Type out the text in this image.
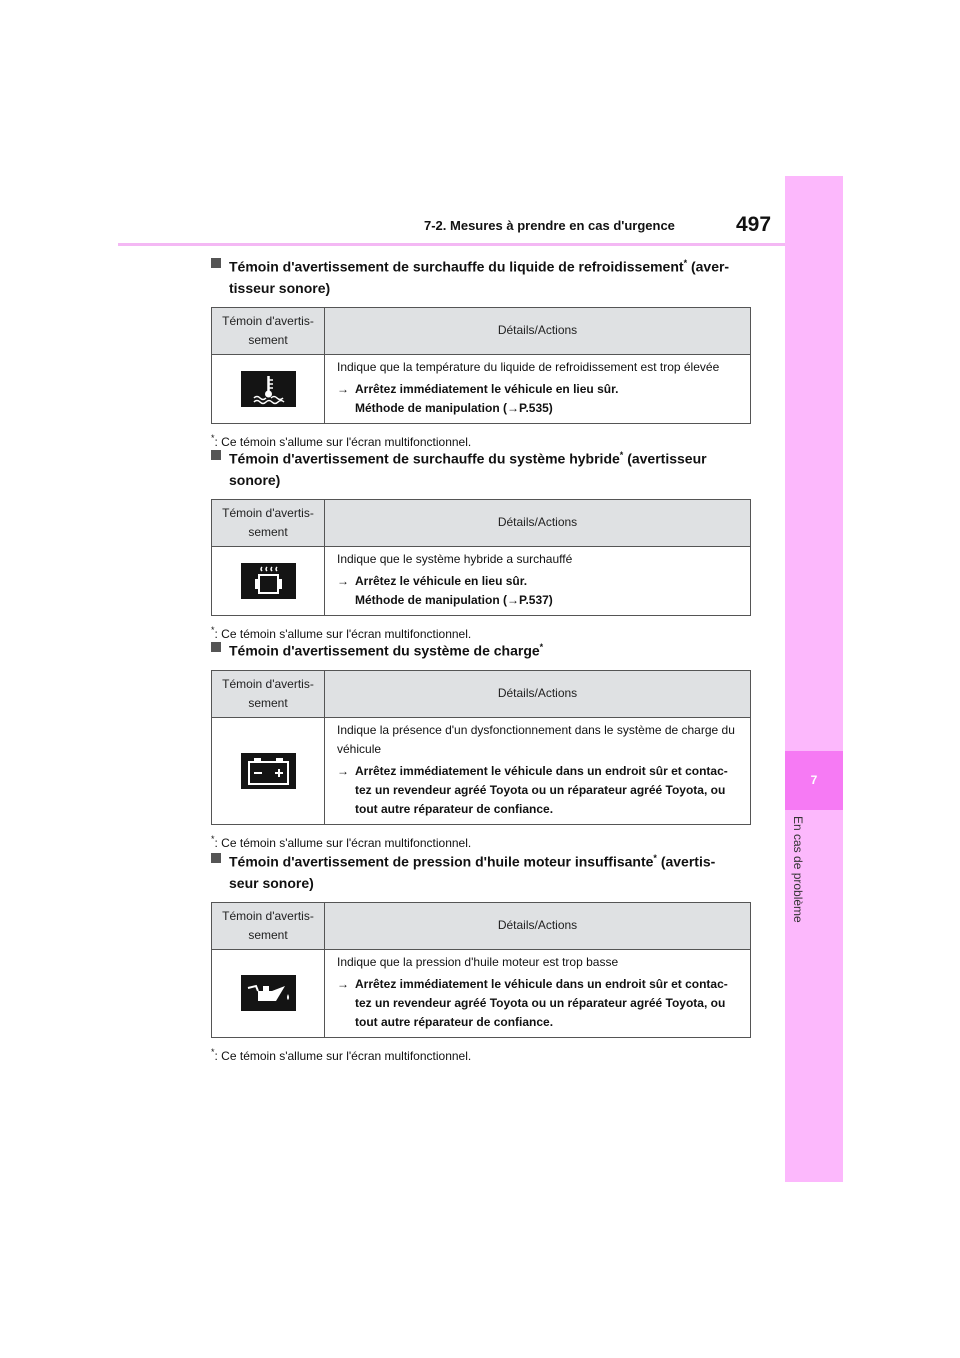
7
En cas de problème
7-2. Mesures à prendre en cas d'urgence	497
Témoin d'avertissement de surchauffe du liquide de refroidissement* (aver-
tisseur sonore)
Témoin d'avertis-
sement	Détails/Actions

Indique que la température du liquide de refroidissement est trop élevée
→ Arrêtez immédiatement le véhicule en lieu sûr.
Méthode de manipulation (→P.535)
*: Ce témoin s'allume sur l'écran multifonctionnel.
Témoin d'avertissement de surchauffe du système hybride* (avertisseur
sonore)
Témoin d'avertis-
sement	Détails/Actions

Indique que le système hybride a surchauffé
→ Arrêtez le véhicule en lieu sûr.
Méthode de manipulation (→P.537)
*: Ce témoin s'allume sur l'écran multifonctionnel.
Témoin d'avertissement du système de charge*
Témoin d'avertis-
sement	Détails/Actions

Indique la présence d'un dysfonctionnement dans le système de charge du véhicule
→ Arrêtez immédiatement le véhicule dans un endroit sûr et contac-tez un revendeur agréé Toyota ou un réparateur agréé Toyota, ou tout autre réparateur de confiance.
*: Ce témoin s'allume sur l'écran multifonctionnel.
Témoin d'avertissement de pression d'huile moteur insuffisante* (avertis-
seur sonore)
Témoin d'avertis-
sement	Détails/Actions

Indique que la pression d'huile moteur est trop basse
→ Arrêtez immédiatement le véhicule dans un endroit sûr et contac-tez un revendeur agréé Toyota ou un réparateur agréé Toyota, ou tout autre réparateur de confiance.
*: Ce témoin s'allume sur l'écran multifonctionnel.
